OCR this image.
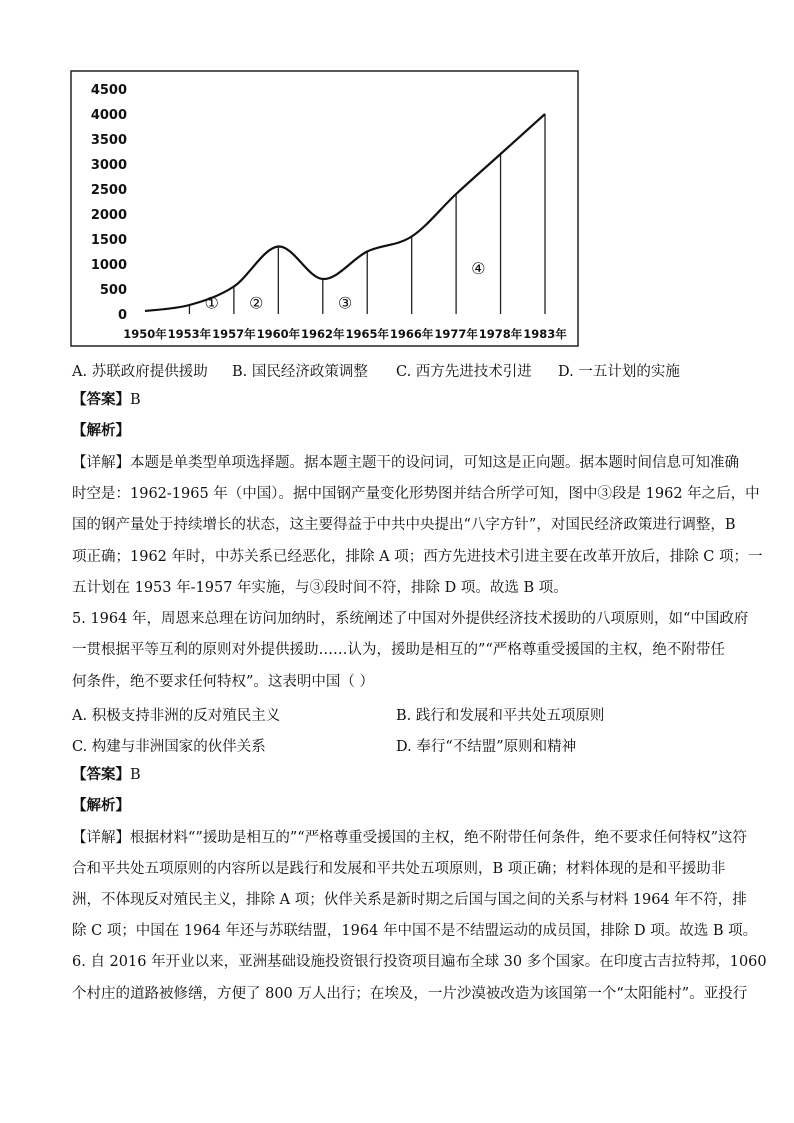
0
500
1000
1500
2000
2500
3000
3500
4000
4500
1950年 1953年 1957年 1960年 1962年 1965年 1966年 1977年 1978年 1983年
① ②	③
④
A. 苏联政府提供援助 B. 国民经济政策调整 C. 西方先进技术引进 D. 一五计划的实施
【答案】B
【解析】
【详解】本题是单类型单项选择题。据本题主题干的设问词，可知这是正向题。据本题时间信息可知准确
时空是：1962-1965 年（中国）。据中国钢产量变化形势图并结合所学可知，图中③段是 1962 年之后，中
国的钢产量处于持续增长的状态，这主要得益于中共中央提出“八字方针”，对国民经济政策进行调整，B
项正确；1962 年时，中苏关系已经恶化，排除 A 项；西方先进技术引进主要在改革开放后，排除 C 项；一
五计划在 1953 年-1957 年实施，与③段时间不符，排除 D 项。故选 B 项。
5. 1964 年，周恩来总理在访问加纳时，系统阐述了中国对外提供经济技术援助的八项原则，如“中国政府
一贯根据平等互利的原则对外提供援助……认为，援助是相互的”“严格尊重受援国的主权，绝不附带任
何条件，绝不要求任何特权”。这表明中国（ ）
A. 积极支持非洲的反对殖民主义	B. 践行和发展和平共处五项原则
C. 构建与非洲国家的伙伴关系	D. 奉行“不结盟”原则和精神
【答案】B
【解析】
【详解】根据材料“”援助是相互的”“严格尊重受援国的主权，绝不附带任何条件，绝不要求任何特权”这符
合和平共处五项原则的内容所以是践行和发展和平共处五项原则，B 项正确；材料体现的是和平援助非
洲，不体现反对殖民主义，排除 A 项；伙伴关系是新时期之后国与国之间的关系与材料 1964 年不符，排
除 C 项；中国在 1964 年还与苏联结盟，1964 年中国不是不结盟运动的成员国，排除 D 项。故选 B 项。
6. 自 2016 年开业以来，亚洲基础设施投资银行投资项目遍布全球 30 多个国家。在印度古吉拉特邦，1060
个村庄的道路被修缮，方便了 800 万人出行；在埃及，一片沙漠被改造为该国第一个“太阳能村”。亚投行
